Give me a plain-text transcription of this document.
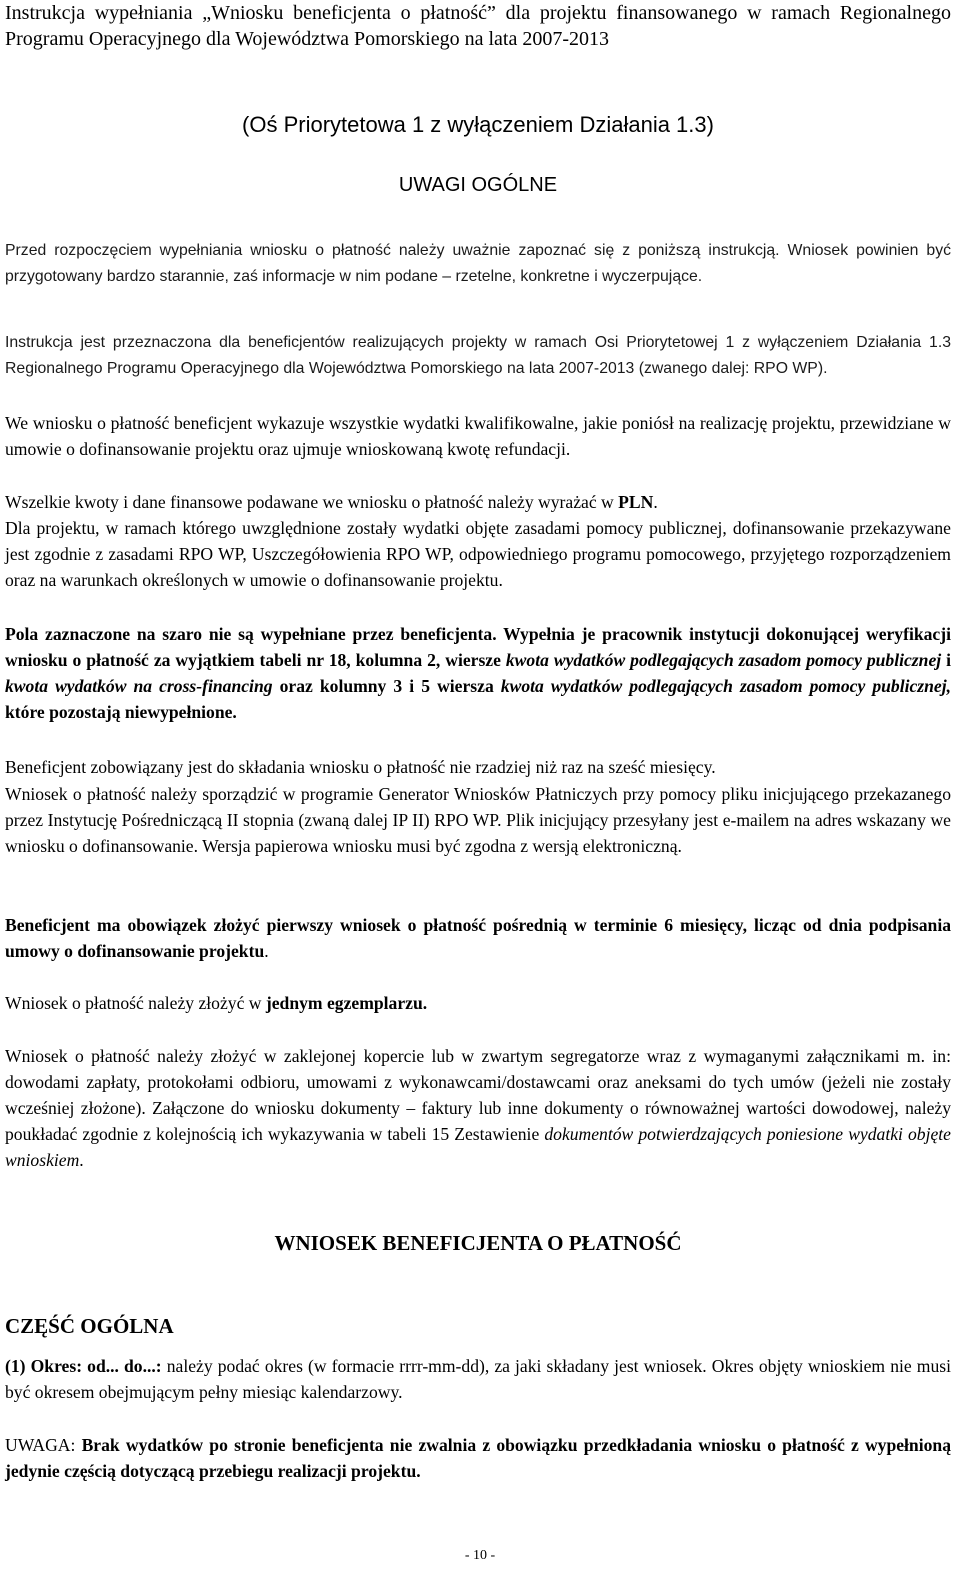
Instrukcja wypełniania „Wniosku beneficjenta o płatność” dla projektu finansowanego w ramach Regionalnego Programu Operacyjnego dla Województwa Pomorskiego na lata 2007-2013

(Oś Priorytetowa 1 z wyłączeniem Działania 1.3)

UWAGI OGÓLNE

Przed rozpoczęciem wypełniania wniosku o płatność należy uważnie zapoznać się z poniższą instrukcją. Wniosek powinien być przygotowany bardzo starannie, zaś informacje w nim podane – rzetelne, konkretne i wyczerpujące.

Instrukcja jest przeznaczona dla beneficjentów realizujących projekty w ramach Osi Priorytetowej 1 z wyłączeniem Działania 1.3 Regionalnego Programu Operacyjnego dla Województwa Pomorskiego na lata 2007-2013 (zwanego dalej: RPO WP).

We wniosku o płatność beneficjent wykazuje wszystkie wydatki kwalifikowalne, jakie poniósł na realizację projektu, przewidziane w umowie o dofinansowanie projektu oraz ujmuje wnioskowaną kwotę refundacji.

Wszelkie kwoty i dane finansowe podawane we wniosku o płatność należy wyrażać w PLN.

Dla projektu, w ramach którego uwzględnione zostały wydatki objęte zasadami pomocy publicznej, dofinansowanie przekazywane jest zgodnie z zasadami RPO WP, Uszczegółowienia RPO WP, odpowiedniego programu pomocowego, przyjętego rozporządzeniem oraz na warunkach określonych w umowie o dofinansowanie projektu.

Pola zaznaczone na szaro nie są wypełniane przez beneficjenta. Wypełnia je pracownik instytucji dokonującej weryfikacji wniosku o płatność za wyjątkiem tabeli nr 18, kolumna 2, wiersze kwota wydatków podlegających zasadom pomocy publicznej i kwota wydatków na cross-financing oraz kolumny 3 i 5 wiersza kwota wydatków podlegających zasadom pomocy publicznej, które pozostają niewypełnione.

Beneficjent zobowiązany jest do składania wniosku o płatność nie rzadziej niż raz na sześć miesięcy.

Wniosek o płatność należy sporządzić w programie Generator Wniosków Płatniczych przy pomocy pliku inicjującego przekazanego przez Instytucję Pośredniczącą II stopnia (zwaną dalej IP II) RPO WP. Plik inicjujący przesyłany jest e-mailem na adres wskazany we wniosku o dofinansowanie. Wersja papierowa wniosku musi być zgodna z wersją elektroniczną.

Beneficjent ma obowiązek złożyć pierwszy wniosek o płatność pośrednią w terminie 6 miesięcy, licząc od dnia podpisania umowy o dofinansowanie projektu.

Wniosek o płatność należy złożyć w jednym egzemplarzu.

Wniosek o płatność należy złożyć w zaklejonej kopercie lub w zwartym segregatorze wraz z wymaganymi załącznikami m. in: dowodami zapłaty, protokołami odbioru, umowami z wykonawcami/dostawcami oraz aneksami do tych umów (jeżeli nie zostały wcześniej złożone). Załączone do wniosku dokumenty – faktury lub inne dokumenty o równoważnej wartości dowodowej, należy poukładać zgodnie z kolejnością ich wykazywania w tabeli 15 Zestawienie dokumentów potwierdzających poniesione wydatki objęte wnioskiem.

WNIOSEK BENEFICJENTA O PŁATNOŚĆ

CZĘŚĆ OGÓLNA

(1) Okres: od... do...: należy podać okres (w formacie rrrr-mm-dd), za jaki składany jest wniosek. Okres objęty wnioskiem nie musi być okresem obejmującym pełny miesiąc kalendarzowy.

UWAGA: Brak wydatków po stronie beneficjenta nie zwalnia z obowiązku przedkładania wniosku o płatność z wypełnioną jedynie częścią dotyczącą przebiegu realizacji projektu.

- 10 -
